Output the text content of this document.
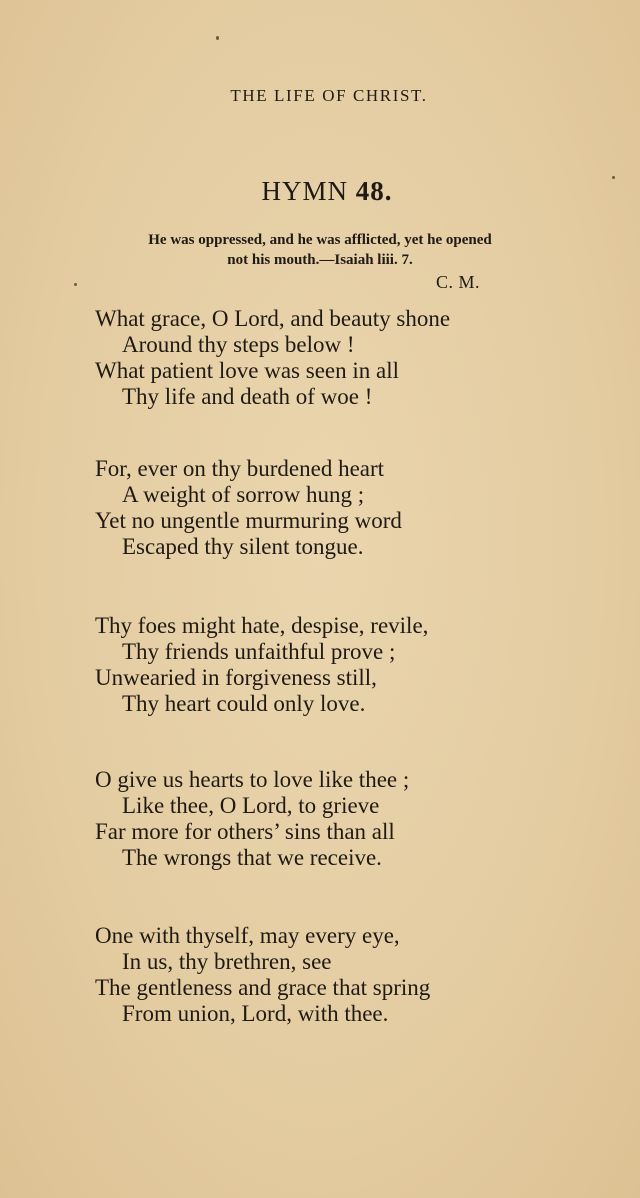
THE LIFE OF CHRIST.
HYMN 48.
He was oppressed, and he was afflicted, yet he opened
not his mouth.—Isaiah liii. 7.
C. M.
What grace, O Lord, and beauty shone
Around thy steps below !
What patient love was seen in all
Thy life and death of woe !
For, ever on thy burdened heart
A weight of sorrow hung ;
Yet no ungentle murmuring word
Escaped thy silent tongue.
Thy foes might hate, despise, revile,
Thy friends unfaithful prove ;
Unwearied in forgiveness still,
Thy heart could only love.
O give us hearts to love like thee ;
Like thee, O Lord, to grieve
Far more for others’ sins than all
The wrongs that we receive.
One with thyself, may every eye,
In us, thy brethren, see
The gentleness and grace that spring
From union, Lord, with thee.
